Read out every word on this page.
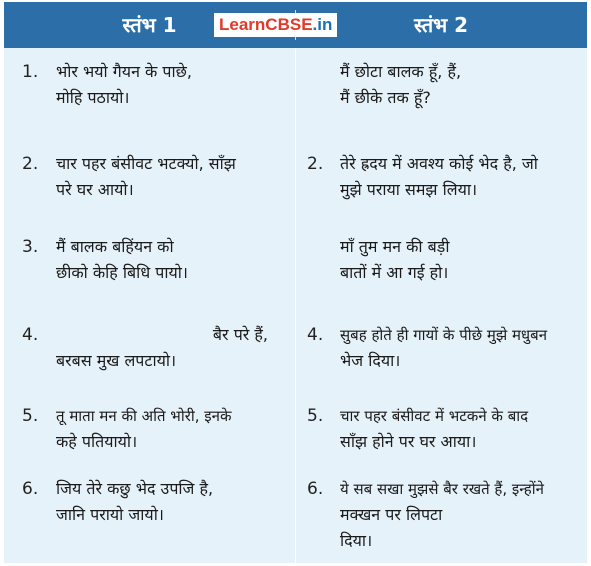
स्तंभ 1	स्तंभ 2
LearnCBSE.in
1. भोर भयो गैयन के पाछे,
मोहि पठायो।
मैं छोटा बालक हूँ, हैं,
मैं छीके तक हूँ?
2. चार पहर बंसीवट भटक्यो, साँझ
परे घर आयो।
2. तेरे ह्रदय में अवश्य कोई भेद है, जो
मुझे पराया समझ लिया।
3. मैं बालक बहिंयन को
छीको केहि बिधि पायो।
माँ तुम मन की बड़ी
बातों में आ गई हो।
4.	बैर परे हैं,
बरबस मुख लपटायो।
4. सुबह होते ही गायों के पीछे मुझे मधुबन
भेज दिया।
5. तू माता मन की अति भोरी, इनके
कहे पतियायो।
5. चार पहर बंसीवट में भटकने के बाद
साँझ होने पर घर आया।
6. जिय तेरे कछु भेद उपजि है,
जानि परायो जायो।
6. ये सब सखा मुझसे बैर रखते हैं, इन्होंने
मक्खन पर लिपटा
दिया।
